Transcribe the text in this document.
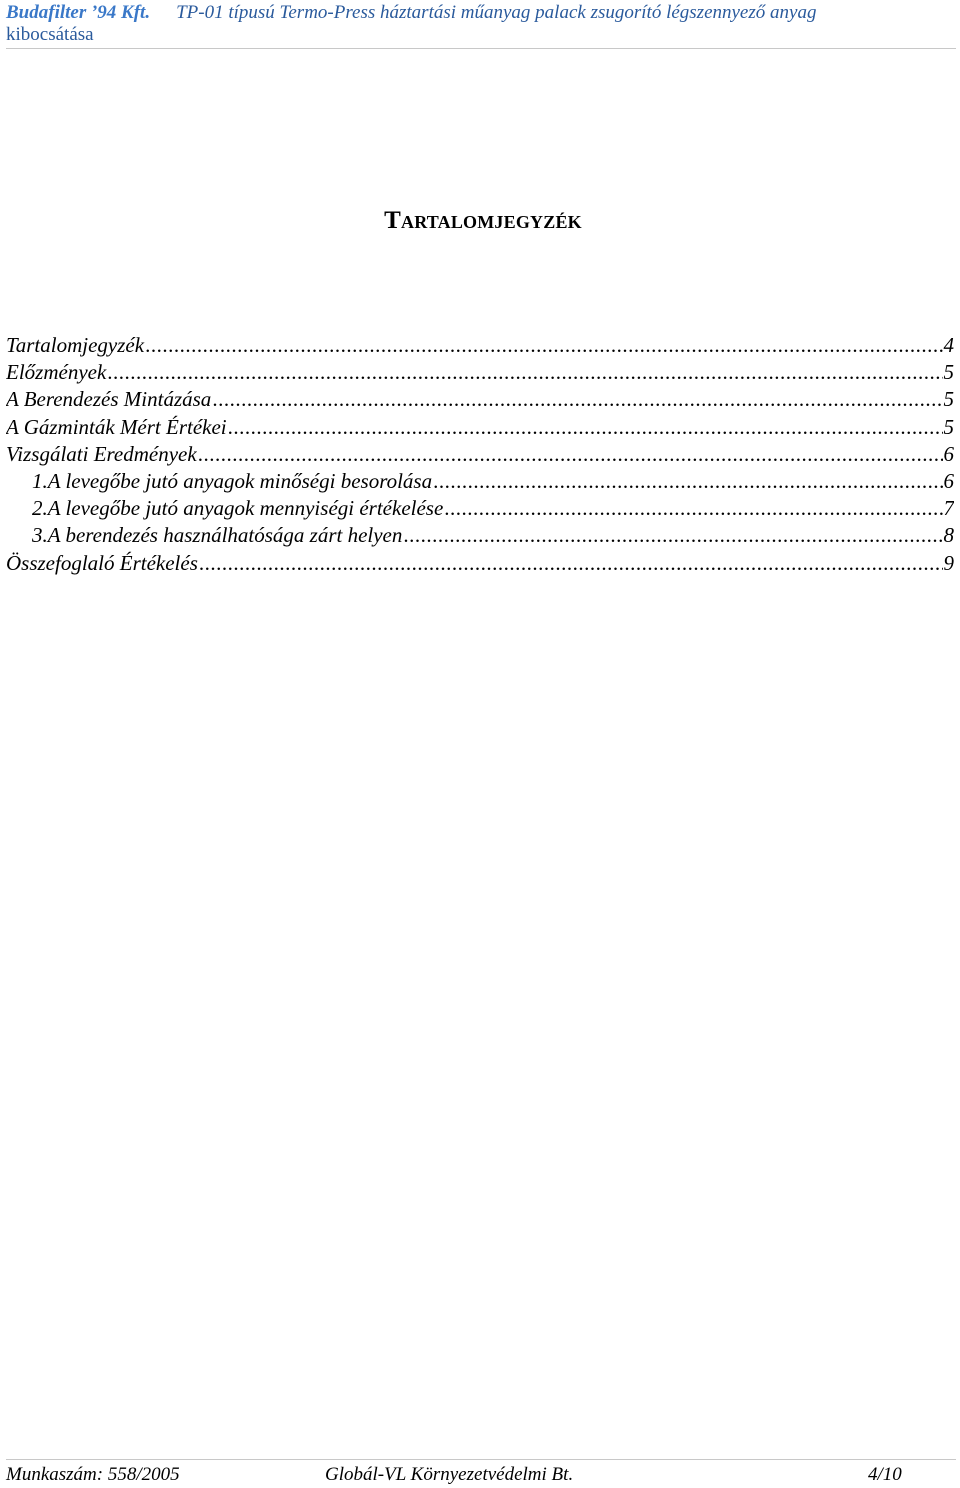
Budafilter ’94 Kft. TP-01 típusú Termo-Press háztartási műanyag palack zsugorító légszennyező anyag
kibocsátása
Tartalomjegyzék
Tartalomjegyzék .....	4
Előzmények .....	5
A Berendezés Mintázása .....	5
A Gázminták Mért Értékei .....	5
Vizsgálati Eredmények .....	6
1.A levegőbe jutó anyagok minőségi besorolása .....	6
2.A levegőbe jutó anyagok mennyiségi értékelése .....	7
3.A berendezés használhatósága zárt helyen .....	8
Összefoglaló Értékelés .....	9
Munkaszám: 558/2005	Globál-VL Környezetvédelmi Bt.	4/10
